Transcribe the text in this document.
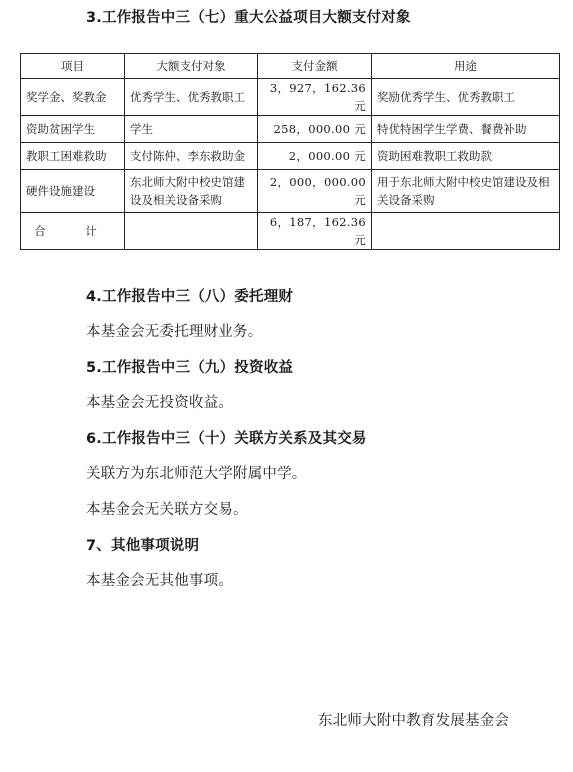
3.工作报告中三（七）重大公益项目大额支付对象
项目	大额支付对象	支付金额	用途
奖学金、奖教金	优秀学生、优秀教职工	3，927，162.36 元	奖励优秀学生、优秀教职工
资助贫困学生	学生	258，000.00 元	特优特困学生学费、餐费补助
教职工困难救助	支付陈仲、李东救助金	2，000.00 元	资助困难教职工救助款
硬件设施建设	东北师大附中校史馆建设及相关设备采购	2，000，000.00 元	用于东北师大附中校史馆建设及相关设备采购
合　计		6，187，162.36 元	
4.工作报告中三（八）委托理财
本基金会无委托理财业务。
5.工作报告中三（九）投资收益
本基金会无投资收益。
6.工作报告中三（十）关联方关系及其交易
关联方为东北师范大学附属中学。
本基金会无关联方交易。
7、其他事项说明
本基金会无其他事项。
东北师大附中教育发展基金会
